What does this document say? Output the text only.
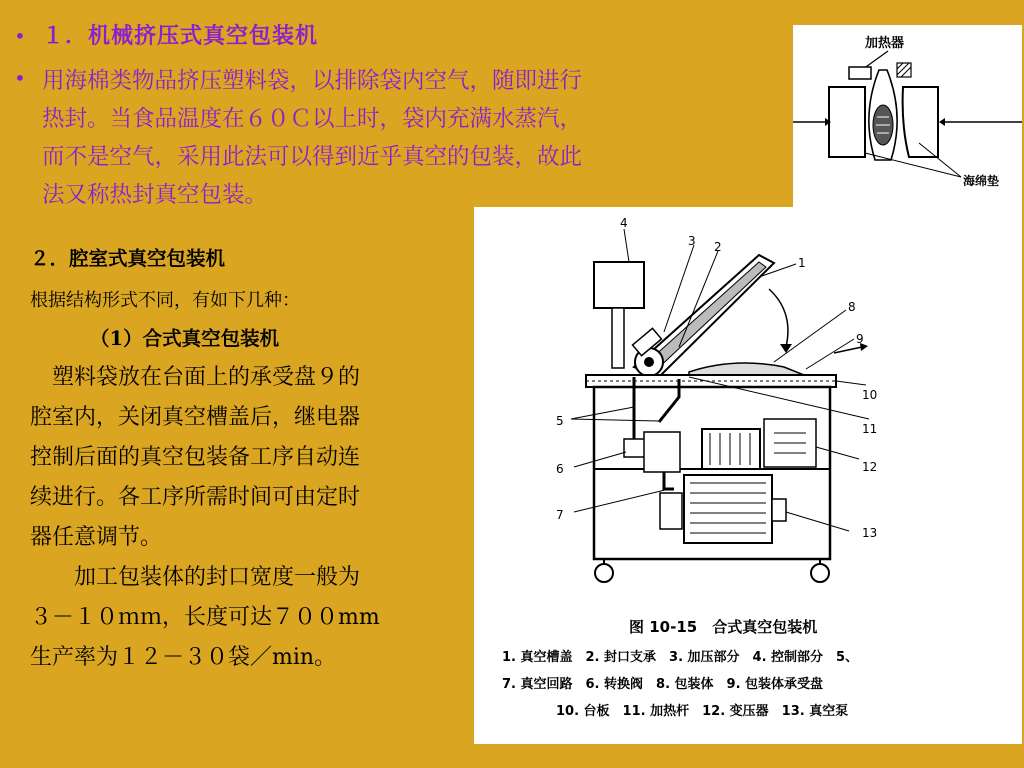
• １．机械挤压式真空包装机
• 用海棉类物品挤压塑料袋，以排除袋内空气，随即进行
热封。当食品温度在６０Ｃ以上时，袋内充满水蒸汽，
而不是空气，采用此法可以得到近乎真空的包装，故此
法又称热封真空包装。
２．腔室式真空包装机
根据结构形式不同，有如下几种：
（1）合式真空包装机
　塑料袋放在台面上的承受盘９的
腔室内，关闭真空槽盖后，继电器
控制后面的真空包装备工序自动连
续进行。各工序所需时间可由定时
器任意调节。
　　加工包装体的封口宽度一般为
３－１０ｍｍ，长度可达７００mm
生产率为１２－３０袋／min。
加热器
海绵垫
4
3 2
1
8
9
10
11
12
13
5
6
7
图 10-15　合式真空包装机
1. 真空槽盖　2. 封口支承　3. 加压部分　4. 控制部分　5、
7. 真空回路　6. 转换阀　8. 包装体　9. 包装体承受盘
10. 台板　11. 加热杆　12. 变压器　13. 真空泵
